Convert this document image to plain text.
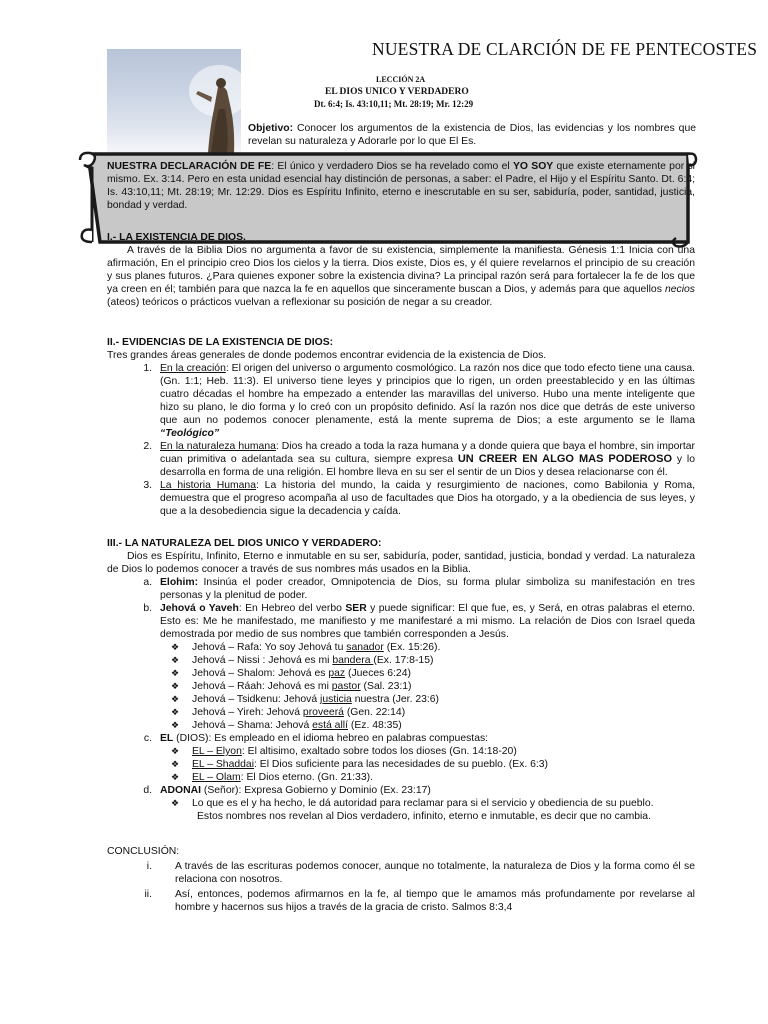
NUESTRA DE CLARCIÓN DE FE PENTECOSTES
LECCIÓN 2A
EL DIOS UNICO Y VERDADERO
Dt. 6:4; Is. 43:10,11; Mt. 28:19; Mr. 12:29
Objetivo: Conocer los argumentos de la existencia de Dios, las evidencias y los nombres que revelan su naturaleza y Adorarle por lo que El Es.
NUESTRA DECLARACIÓN DE FE: El único y verdadero Dios se ha revelado como el YO SOY que existe eternamente por si mismo. Ex. 3:14. Pero en esta unidad esencial hay distinción de personas, a saber: el Padre, el Hijo y el Espíritu Santo. Dt. 6:4; Is. 43:10,11; Mt. 28:19; Mr. 12:29. Dios es Espíritu Infinito, eterno e inescrutable en su ser, sabiduría, poder, santidad, justicia, bondad y verdad.

I.- LA EXISTENCIA DE DIOS.

A través de la Biblia Dios no argumenta a favor de su existencia, simplemente la manifiesta. Génesis 1:1 Inicia con una afirmación, En el principio creo Dios los cielos y la tierra. Dios existe, Dios es, y él quiere revelarnos el principio de su creación y sus planes futuros. ¿Para quienes exponer sobre la existencia divina? La principal razón será para fortalecer la fe de los que ya creen en él; también para que nazca la fe en aquellos que sinceramente buscan a Dios, y además para que aquellos necios (ateos) teóricos o prácticos vuelvan a reflexionar su posición de negar a su creador.

II.- EVIDENCIAS DE LA EXISTENCIA DE DIOS:

Tres grandes áreas generales de donde podemos encontrar evidencia de la existencia de Dios.

1. En la creación: El origen del universo o argumento cosmológico. La razón nos dice que todo efecto tiene una causa. (Gn. 1:1; Heb. 11:3). El universo tiene leyes y principios que lo rigen, un orden preestablecido y en las últimas cuatro décadas el hombre ha empezado a entender las maravillas del universo. Hubo una mente inteligente que hizo su plano, le dio forma y lo creó con un propósito definido. Así la razón nos dice que detrás de este universo que aun no podemos conocer plenamente, está la mente suprema de Dios; a este argumento se le llama “Teológico”
2. En la naturaleza humana: Dios ha creado a toda la raza humana y a donde quiera que baya el hombre, sin importar cuan primitiva o adelantada sea su cultura, siempre expresa UN CREER EN ALGO MAS PODEROSO y lo desarrolla en forma de una religión. El hombre lleva en su ser el sentir de un Dios y desea relacionarse con él.
3. La historia Humana: La historia del mundo, la caida y resurgimiento de naciones, como Babilonia y Roma, demuestra que el progreso acompaña al uso de facultades que Dios ha otorgado, y a la obediencia de sus leyes, y que a la desobediencia sigue la decadencia y caída.

III.- LA NATURALEZA DEL DIOS UNICO Y VERDADERO:

Dios es Espíritu, Infinito, Eterno e inmutable en su ser, sabiduría, poder, santidad, justicia, bondad y verdad. La naturaleza de Dios lo podemos conocer a través de sus nombres más usados en la Biblia.

a. Elohim: Insinúa el poder creador, Omnipotencia de Dios, su forma plular simboliza su manifestación en tres personas y la plenitud de poder.
b. Jehová o Yaveh: En Hebreo del verbo SER y puede significar: El que fue, es, y Será, en otras palabras el eterno. Esto es: Me he manifestado, me manifiesto y me manifestaré a mi mismo. La relación de Dios con Israel queda demostrada por medio de sus nombres que también corresponden a Jesús.
❖	Jehová – Rafa: Yo soy Jehová tu sanador (Ex. 15:26).
❖	Jehová – Nissi : Jehová es mi bandera (Ex. 17:8-15)
❖	Jehová – Shalom: Jehová es paz (Jueces 6:24)
❖	Jehová – Ráah: Jehová es mi pastor (Sal. 23:1)
❖	Jehová – Tsidkenu: Jehová justicia nuestra (Jer. 23:6)
❖	Jehová – Yireh: Jehová proveerá (Gen. 22:14)
❖	Jehová – Shama: Jehová está allí (Ez. 48:35)
c. EL (DIOS): Es empleado en el idioma hebreo en palabras compuestas:
❖	EL – Elyon: El altisimo, exaltado sobre todos los dioses (Gn. 14:18-20)
❖	EL – Shaddai: El Dios suficiente para las necesidades de su pueblo. (Ex. 6:3)
❖	EL – Olam: El Dios eterno. (Gn. 21:33).
d. ADONAI (Señor): Expresa Gobierno y Dominio (Ex. 23:17)
❖	Lo que es el y ha hecho, le dá autoridad para reclamar para si el servicio y obediencia de su pueblo.

Estos nombres nos revelan al Dios verdadero, infinito, eterno e inmutable, es decir que no cambia.

CONCLUSIÓN:

i.	A través de las escrituras podemos conocer, aunque no totalmente, la naturaleza de Dios y la forma como él se relaciona con nosotros.
ii.	Así, entonces, podemos afirmarnos en la fe, al tiempo que le amamos más profundamente por revelarse al hombre y hacernos sus hijos a través de la gracia de cristo. Salmos 8:3,4
